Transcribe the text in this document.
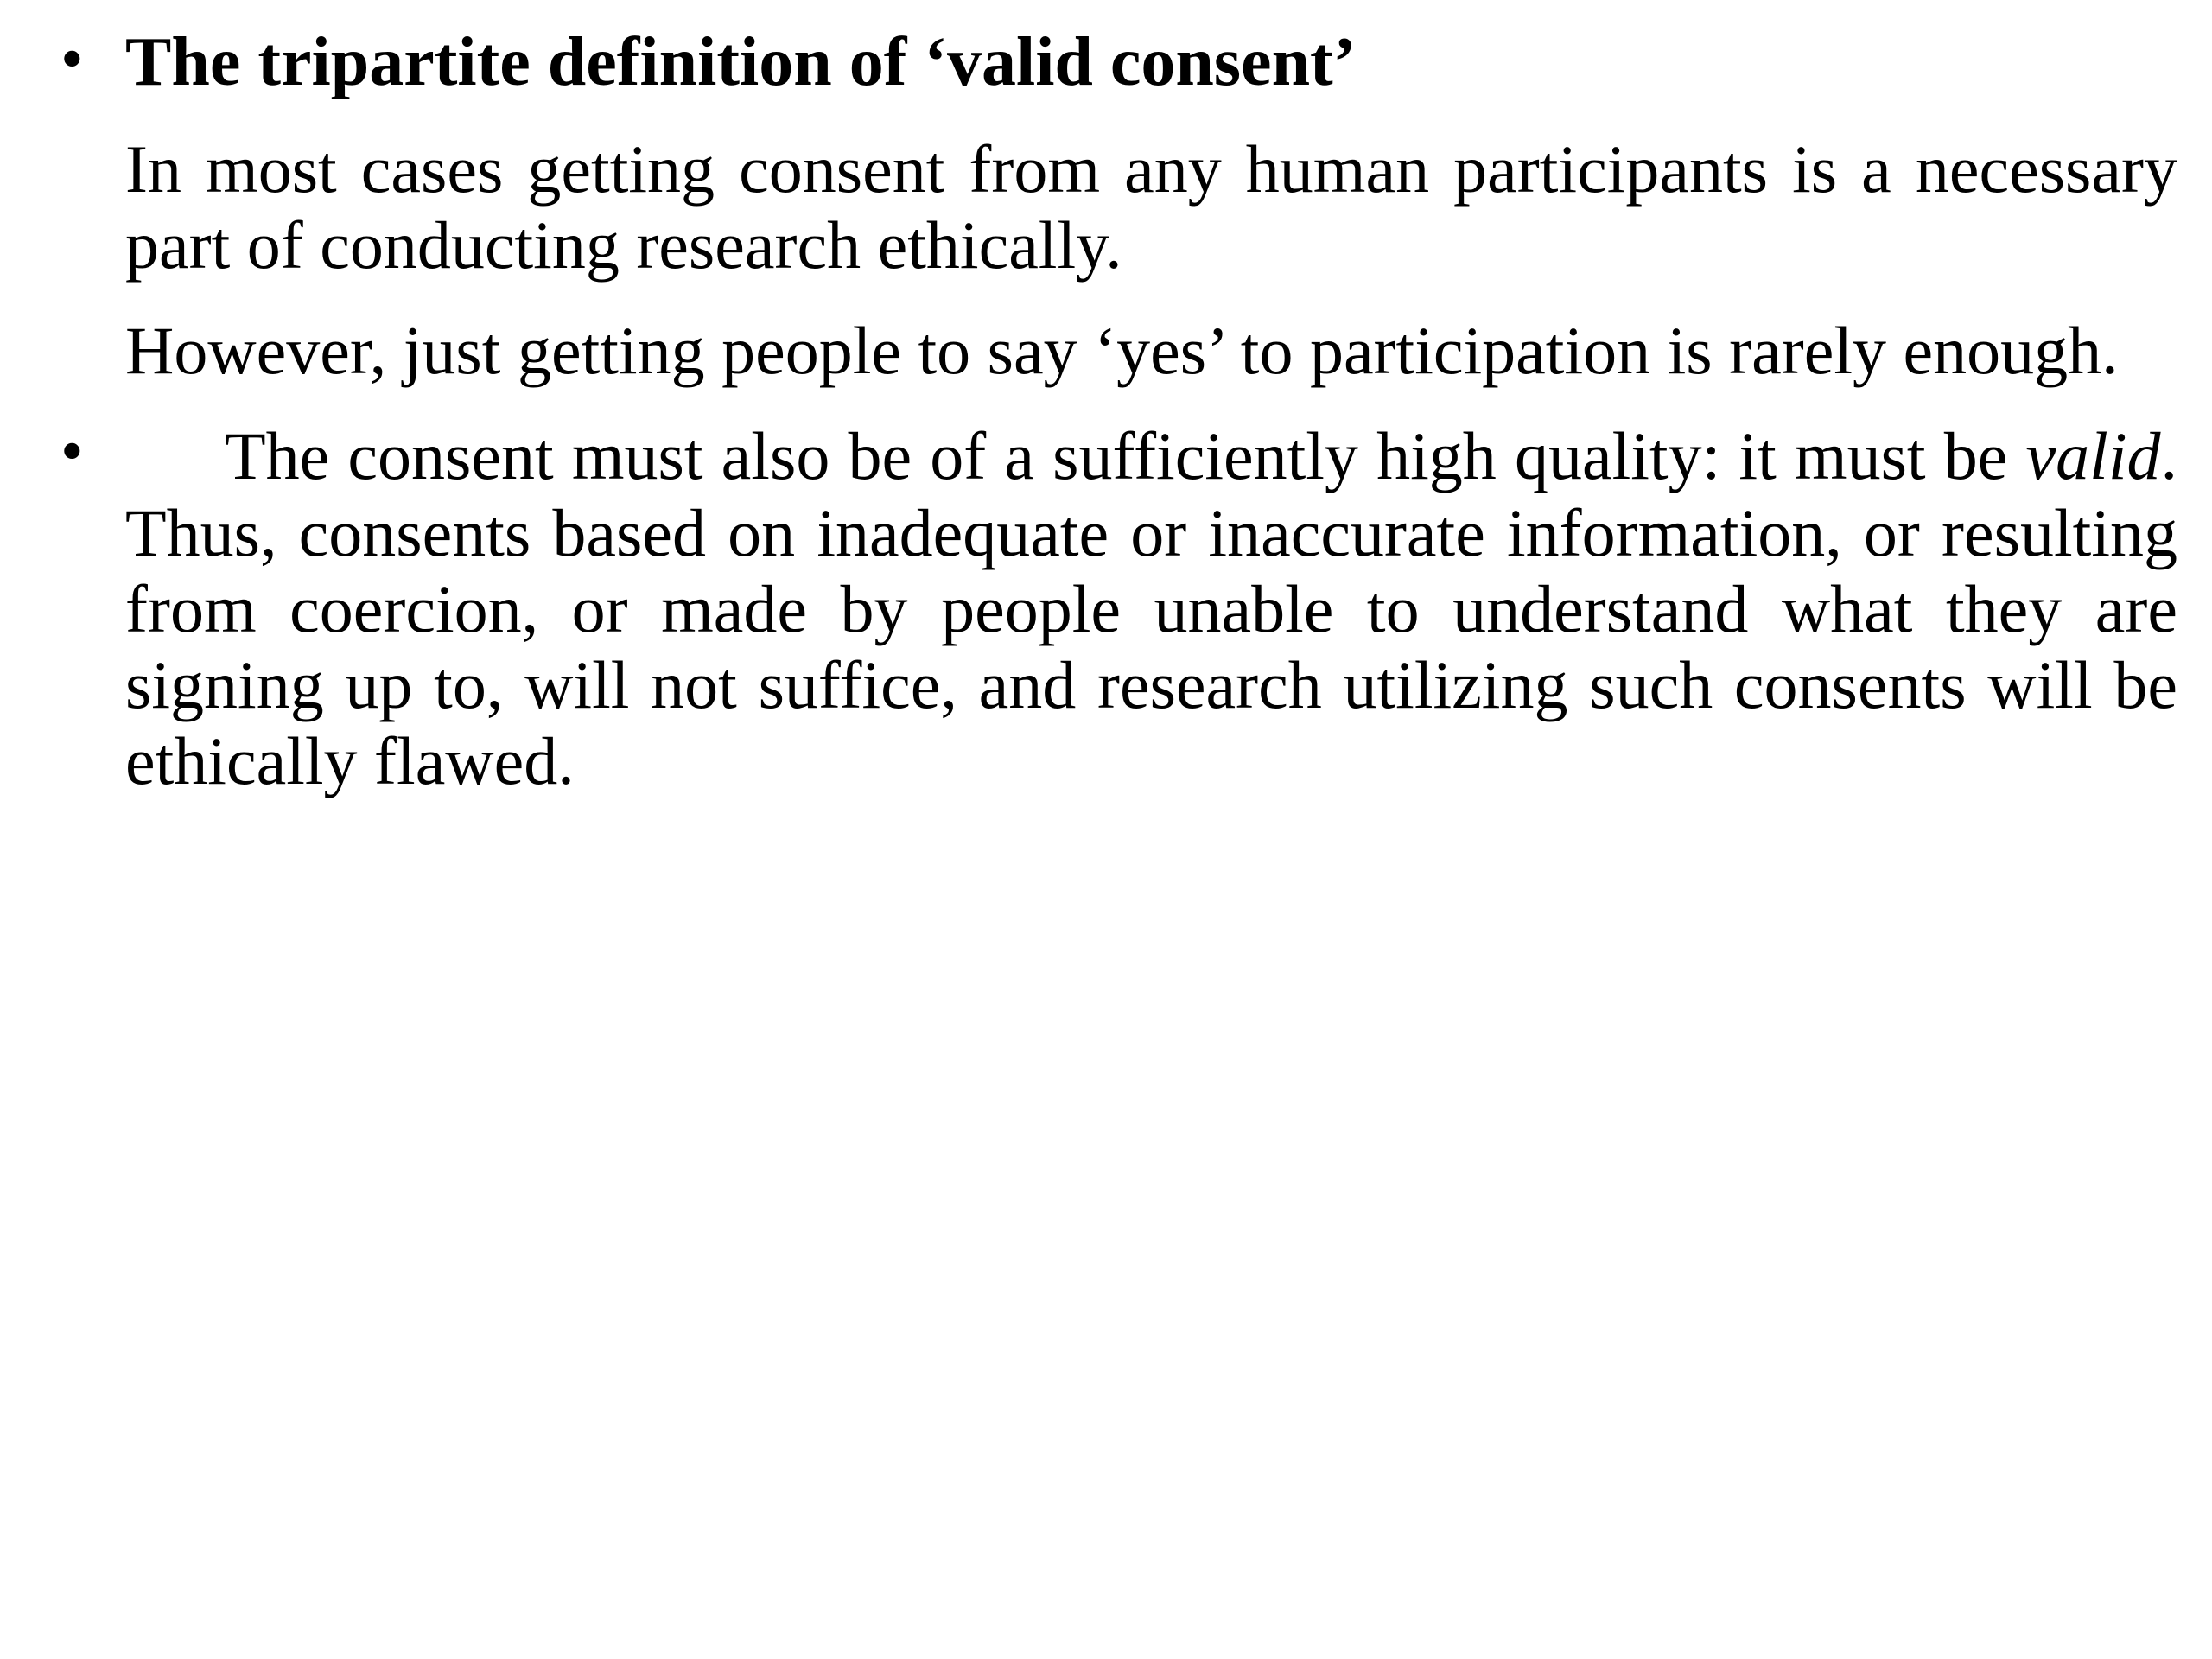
• The tripartite definition of ‘valid consent’
In most cases getting consent from any human participants is a necessary part of conducting research ethically.
However, just getting people to say ‘yes’ to participation is rarely enough.
•	The consent must also be of a sufficiently high quality: it must be valid. Thus, consents based on inadequate or inaccurate information, or resulting from coercion, or made by people unable to understand what they are signing up to, will not suffice, and research utilizing such consents will be ethically flawed.
